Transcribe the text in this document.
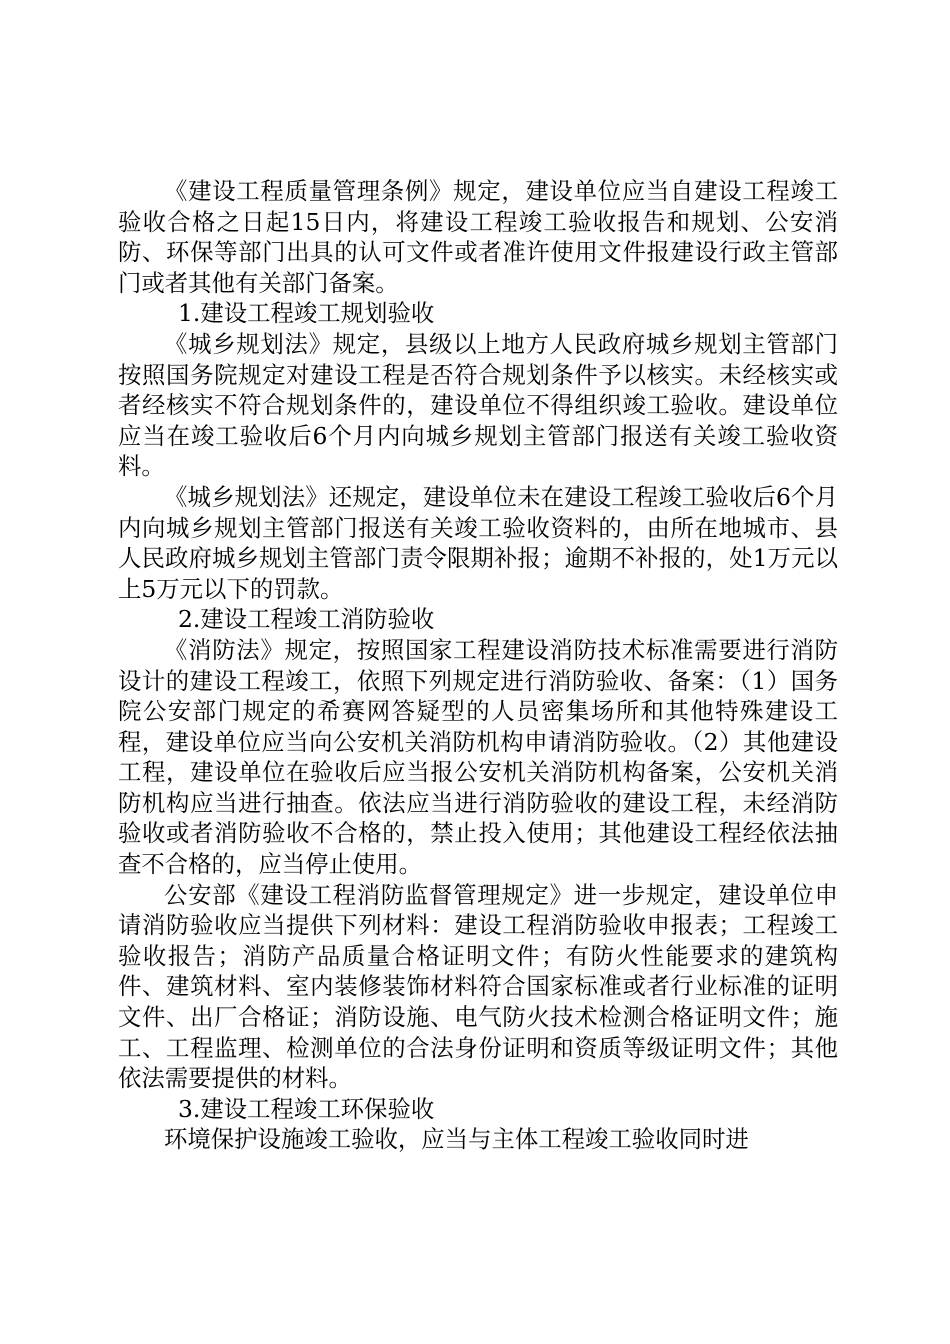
《建设工程质量管理条例》规定，建设单位应当自建设工程竣工验收合格之日起15日内，将建设工程竣工验收报告和规划、公安消防、环保等部门出具的认可文件或者准许使用文件报建设行政主管部门或者其他有关部门备案。

1.建设工程竣工规划验收

《城乡规划法》规定，县级以上地方人民政府城乡规划主管部门按照国务院规定对建设工程是否符合规划条件予以核实。未经核实或者经核实不符合规划条件的，建设单位不得组织竣工验收。建设单位应当在竣工验收后6个月内向城乡规划主管部门报送有关竣工验收资料。

《城乡规划法》还规定，建设单位未在建设工程竣工验收后6个月内向城乡规划主管部门报送有关竣工验收资料的，由所在地城市、县人民政府城乡规划主管部门责令限期补报；逾期不补报的，处1万元以上5万元以下的罚款。

2.建设工程竣工消防验收

《消防法》规定，按照国家工程建设消防技术标准需要进行消防设计的建设工程竣工，依照下列规定进行消防验收、备案：（1）国务院公安部门规定的希赛网答疑型的人员密集场所和其他特殊建设工程，建设单位应当向公安机关消防机构申请消防验收。（2）其他建设工程，建设单位在验收后应当报公安机关消防机构备案，公安机关消防机构应当进行抽查。依法应当进行消防验收的建设工程，未经消防验收或者消防验收不合格的，禁止投入使用；其他建设工程经依法抽查不合格的，应当停止使用。

公安部《建设工程消防监督管理规定》进一步规定，建设单位申请消防验收应当提供下列材料：建设工程消防验收申报表；工程竣工验收报告；消防产品质量合格证明文件；有防火性能要求的建筑构件、建筑材料、室内装修装饰材料符合国家标准或者行业标准的证明文件、出厂合格证；消防设施、电气防火技术检测合格证明文件；施工、工程监理、检测单位的合法身份证明和资质等级证明文件；其他依法需要提供的材料。

3.建设工程竣工环保验收

环境保护设施竣工验收，应当与主体工程竣工验收同时进
